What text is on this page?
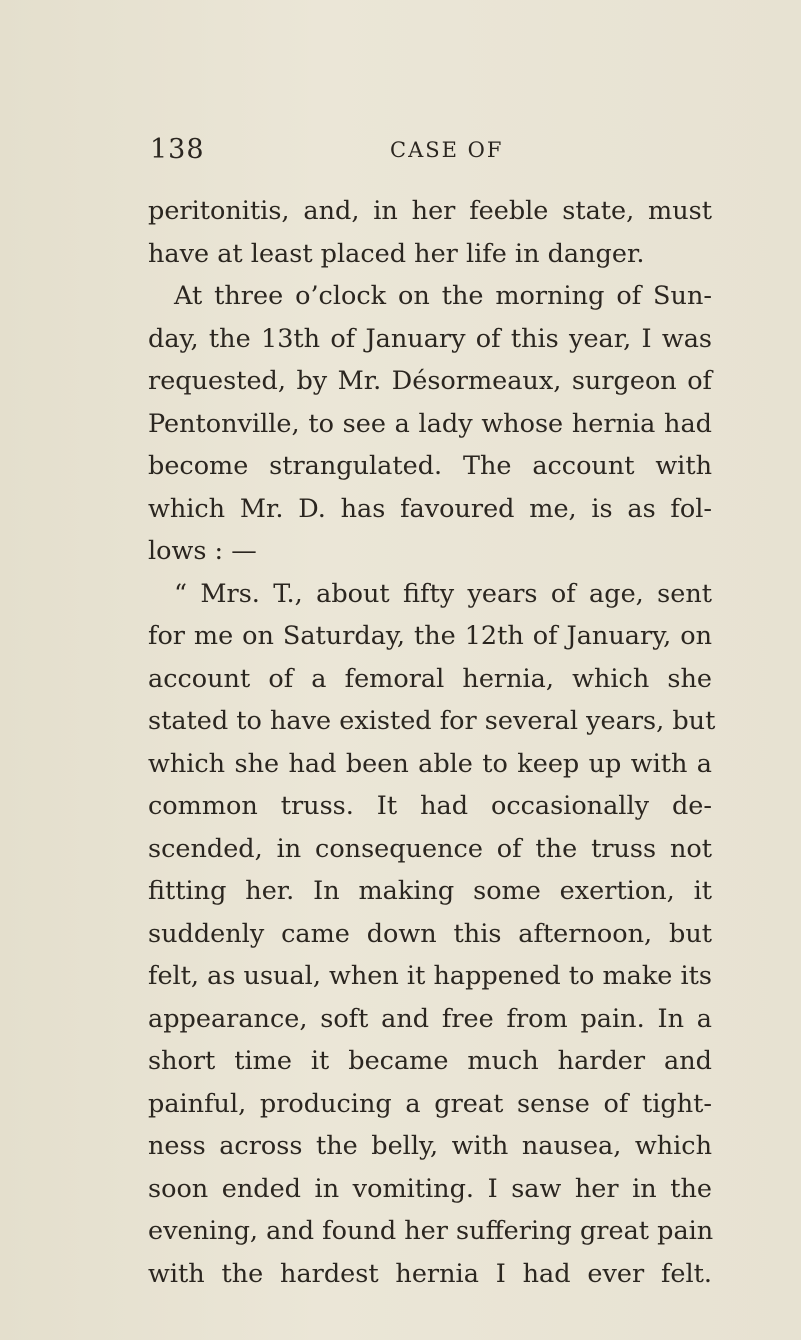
138	CASE OF
peritonitis, and, in her feeble state, must
have at least placed her life in danger.
At three o’clock on the morning of Sun-
day, the 13th of January of this year, I was
requested, by Mr. Désormeaux, surgeon of
Pentonville, to see a lady whose hernia had
become strangulated. The account with
which Mr. D. has favoured me, is as fol-
lows : —
“ Mrs. T., about fifty years of age, sent
for me on Saturday, the 12th of January, on
account of a femoral hernia, which she
stated to have existed for several years, but
which she had been able to keep up with a
common truss. It had occasionally de-
scended, in consequence of the truss not
fitting her. In making some exertion, it
suddenly came down this afternoon, but
felt, as usual, when it happened to make its
appearance, soft and free from pain. In a
short time it became much harder and
painful, producing a great sense of tight-
ness across the belly, with nausea, which
soon ended in vomiting. I saw her in the
evening, and found her suffering great pain
with the hardest hernia I had ever felt.
